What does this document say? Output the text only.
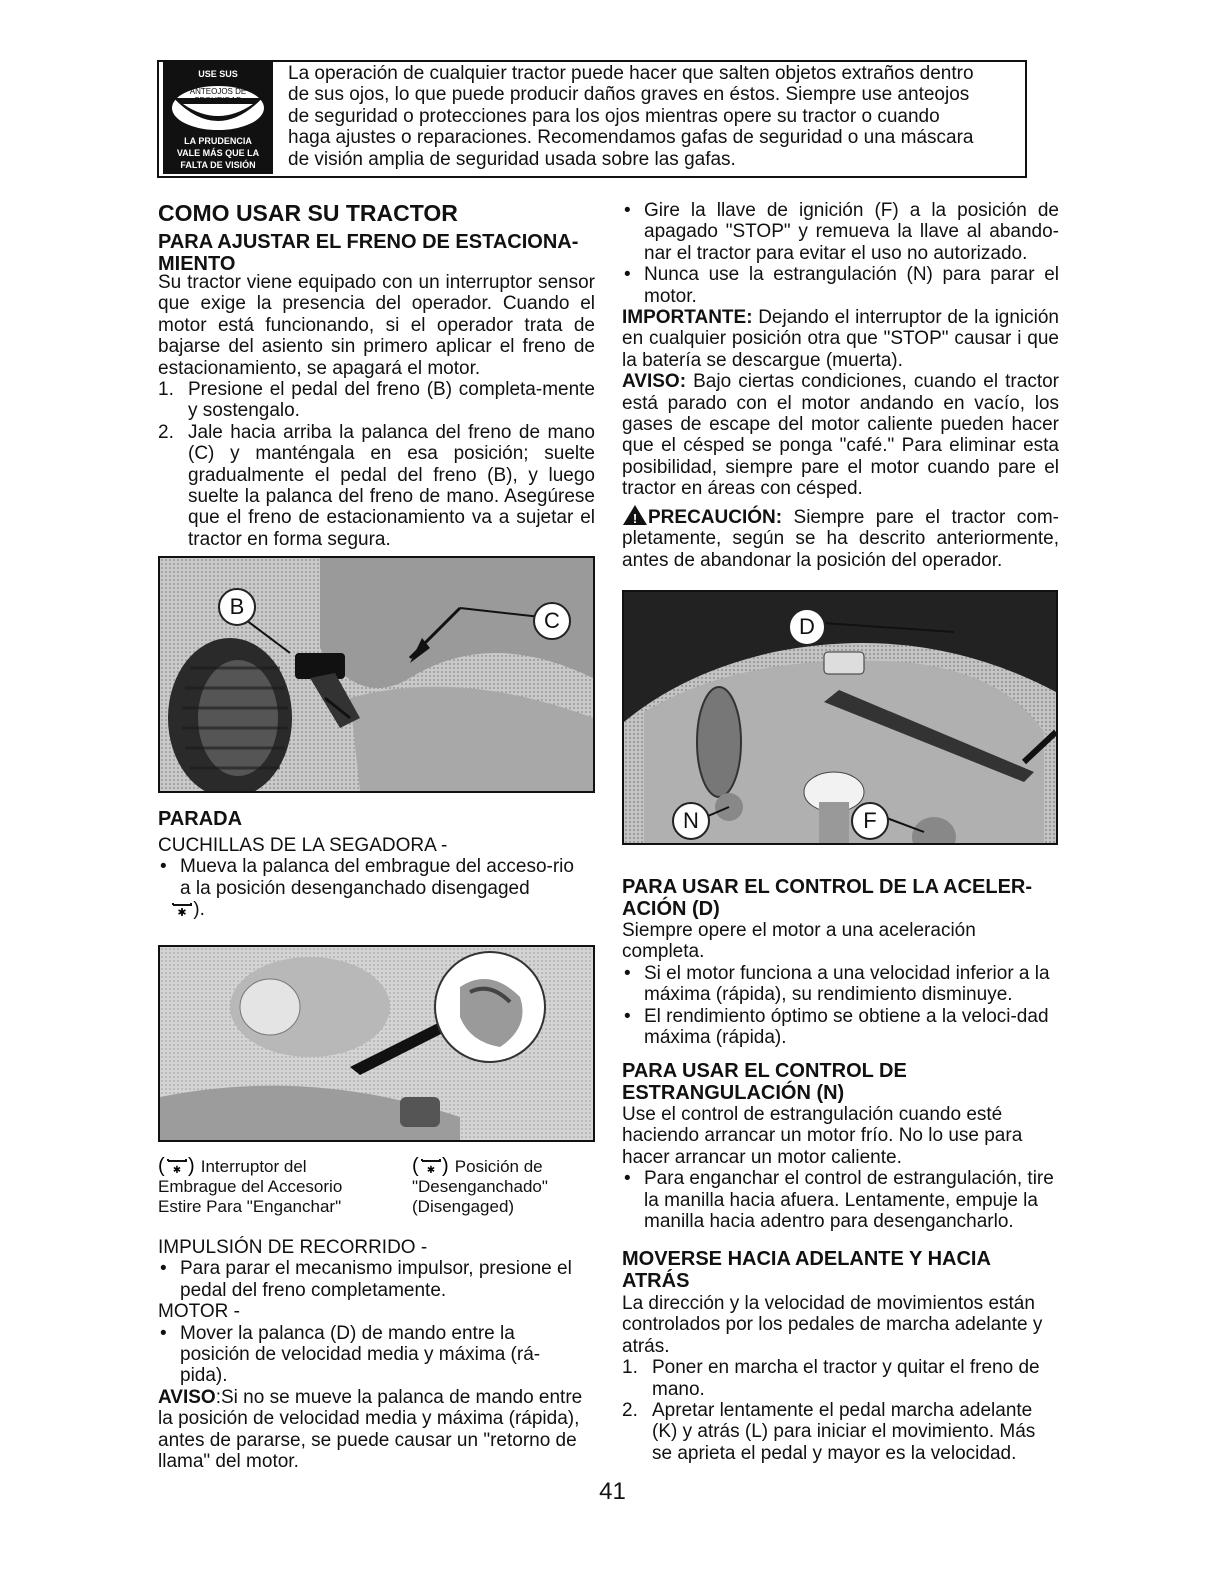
USE SUS
ANTEOJOS DE
SEGURIDAD
LA PRUDENCIA
VALE MÁS QUE LA
FALTA DE VISIÓN
La operación de cualquier tractor puede hacer que salten objetos extraños dentro
de sus ojos, lo que puede producir daños graves en éstos. Siempre use anteojos
de seguridad o protecciones para los ojos mientras opere su tractor o cuando
haga ajustes o reparaciones. Recomendamos gafas de seguridad o una máscara
de visión amplia de seguridad usada sobre las gafas.
COMO USAR SU TRACTOR
PARA AJUSTAR EL FRENO DE ESTACIONA-MIENTO

Su tractor viene equipado con un interruptor sensor que exige la presencia del operador. Cuando el motor está funcionando, si el operador trata de bajarse del asiento sin primero aplicar el freno de estacionamiento, se apagará el motor.

1. Presione el pedal del freno (B) completa-mente y sostengalo.
2. Jale hacia arriba la palanca del freno de mano (C) y manténgala en esa posición; suelte gradualmente el pedal del freno (B), y luego suelte la palanca del freno de mano. Asegúrese que el freno de estacionamiento va a sujetar el tractor en forma segura.
B
C
PARADA

CUCHILLAS DE LA SEGADORA -

• Mueva la palanca del embrague del acceso-rio a la posición desenganchado disengaged

✱ ).
( ✱ ) Interruptor del
Embrague del Accesorio
Estire Para "Enganchar"
( ✱ ) Posición de
"Desenganchado"
(Disengaged)

IMPULSIÓN DE RECORRIDO -

• Para parar el mecanismo impulsor, presione el pedal del freno completamente.

MOTOR -

• Mover la palanca (D) de mando entre la posición de velocidad media y máxima (rá-pida).

AVISO:Si no se mueve la palanca de mando entre la posición de velocidad media y máxima (rápida), antes de pararse, se puede causar un "retorno de llama" del motor.

• Gire la llave de ignición (F) a la posición de apagado "STOP" y remueva la llave al abando-nar el tractor para evitar el uso no autorizado.
• Nunca use la estrangulación (N) para parar el motor.

IMPORTANTE: Dejando el interruptor de la ignición en cualquier posición otra que "STOP" causar i que la batería se descargue (muerta).

AVISO: Bajo ciertas condiciones, cuando el tractor está parado con el motor andando en vacío, los gases de escape del motor caliente pueden hacer que el césped se ponga "café." Para eliminar esta posibilidad, siempre pare el motor cuando pare el tractor en áreas con césped.

! PRECAUCIÓN: Siempre pare el tractor com-pletamente, según se ha descrito anteriormente, antes de abandonar la posición del operador.

D
N	F
PARA USAR EL CONTROL DE LA ACELER-ACIÓN (D)

Siempre opere el motor a una aceleración completa.

• Si el motor funciona a una velocidad inferior a la máxima (rápida), su rendimiento disminuye.
• El rendimiento óptimo se obtiene a la veloci-dad máxima (rápida).
PARA USAR EL CONTROL DE ESTRANGULACIÓN (N)

Use el control de estrangulación cuando esté haciendo arrancar un motor frío. No lo use para hacer arrancar un motor caliente.

• Para enganchar el control de estrangulación, tire la manilla hacia afuera. Lentamente, empuje la manilla hacia adentro para desengancharlo.
MOVERSE HACIA ADELANTE Y HACIA ATRÁS

La dirección y la velocidad de movimientos están controlados por los pedales de marcha adelante y atrás.

1. Poner en marcha el tractor y quitar el freno de mano.
2. Apretar lentamente el pedal marcha adelante (K) y atrás (L) para iniciar el movimiento. Más se aprieta el pedal y mayor es la velocidad.
41
